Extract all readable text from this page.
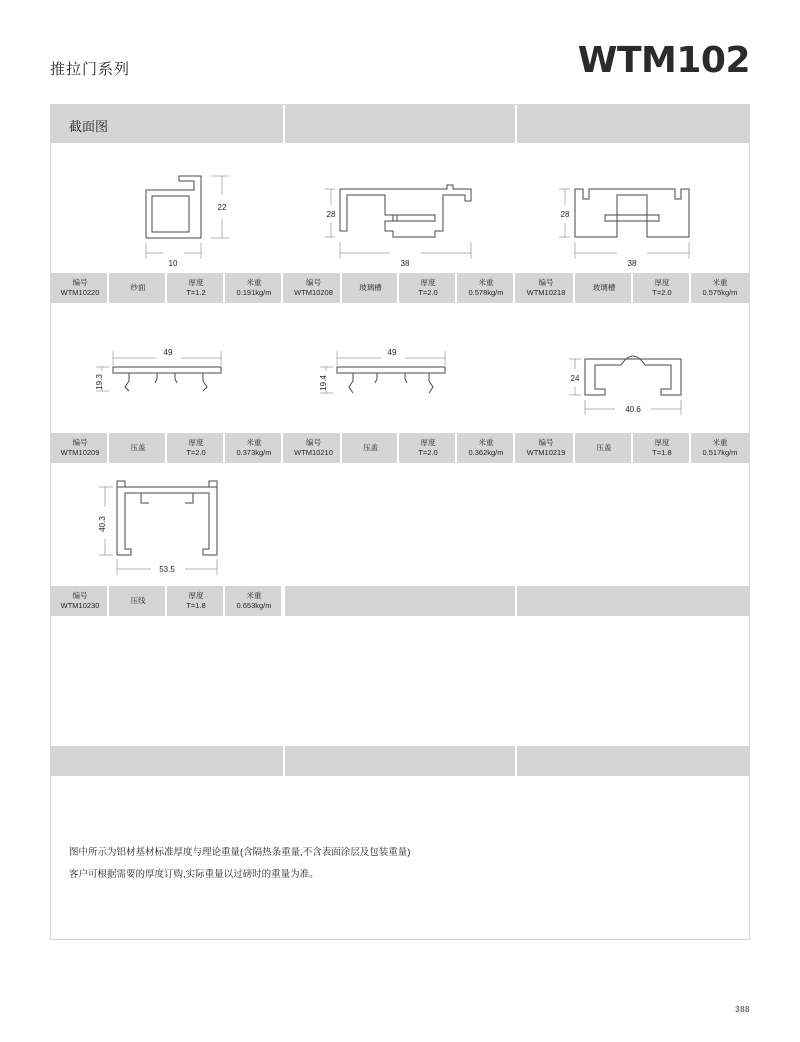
推拉门系列	WTM102
截面图
22
10
28
38
28
38
编号
WTM10220
纱面
厚度
T=1.2
米重
0.191kg/m
编号
WTM10208
玻璃槽
厚度
T=2.0
米重
0.578kg/m
编号
WTM10218
玻璃槽
厚度
T=2.0
米重
0.575kg/m
49
19.3
49
19.4	24
40.6
编号
WTM10209
压盖
厚度
T=2.0
米重
0.373kg/m
编号
WTM10210
压盖
厚度
T=2.0
米重
0.362kg/m
编号
WTM10219
压盖
厚度
T=1.8
米重
0.517kg/m
40.3
53.5
编号
WTM10230
压线
厚度
T=1.8
米重
0.653kg/m
图中所示为铝材基材标准厚度与理论重量(含隔热条重量,不含表面涂层及包装重量)
客户可根据需要的厚度订购,实际重量以过磅时的重量为准。
388
